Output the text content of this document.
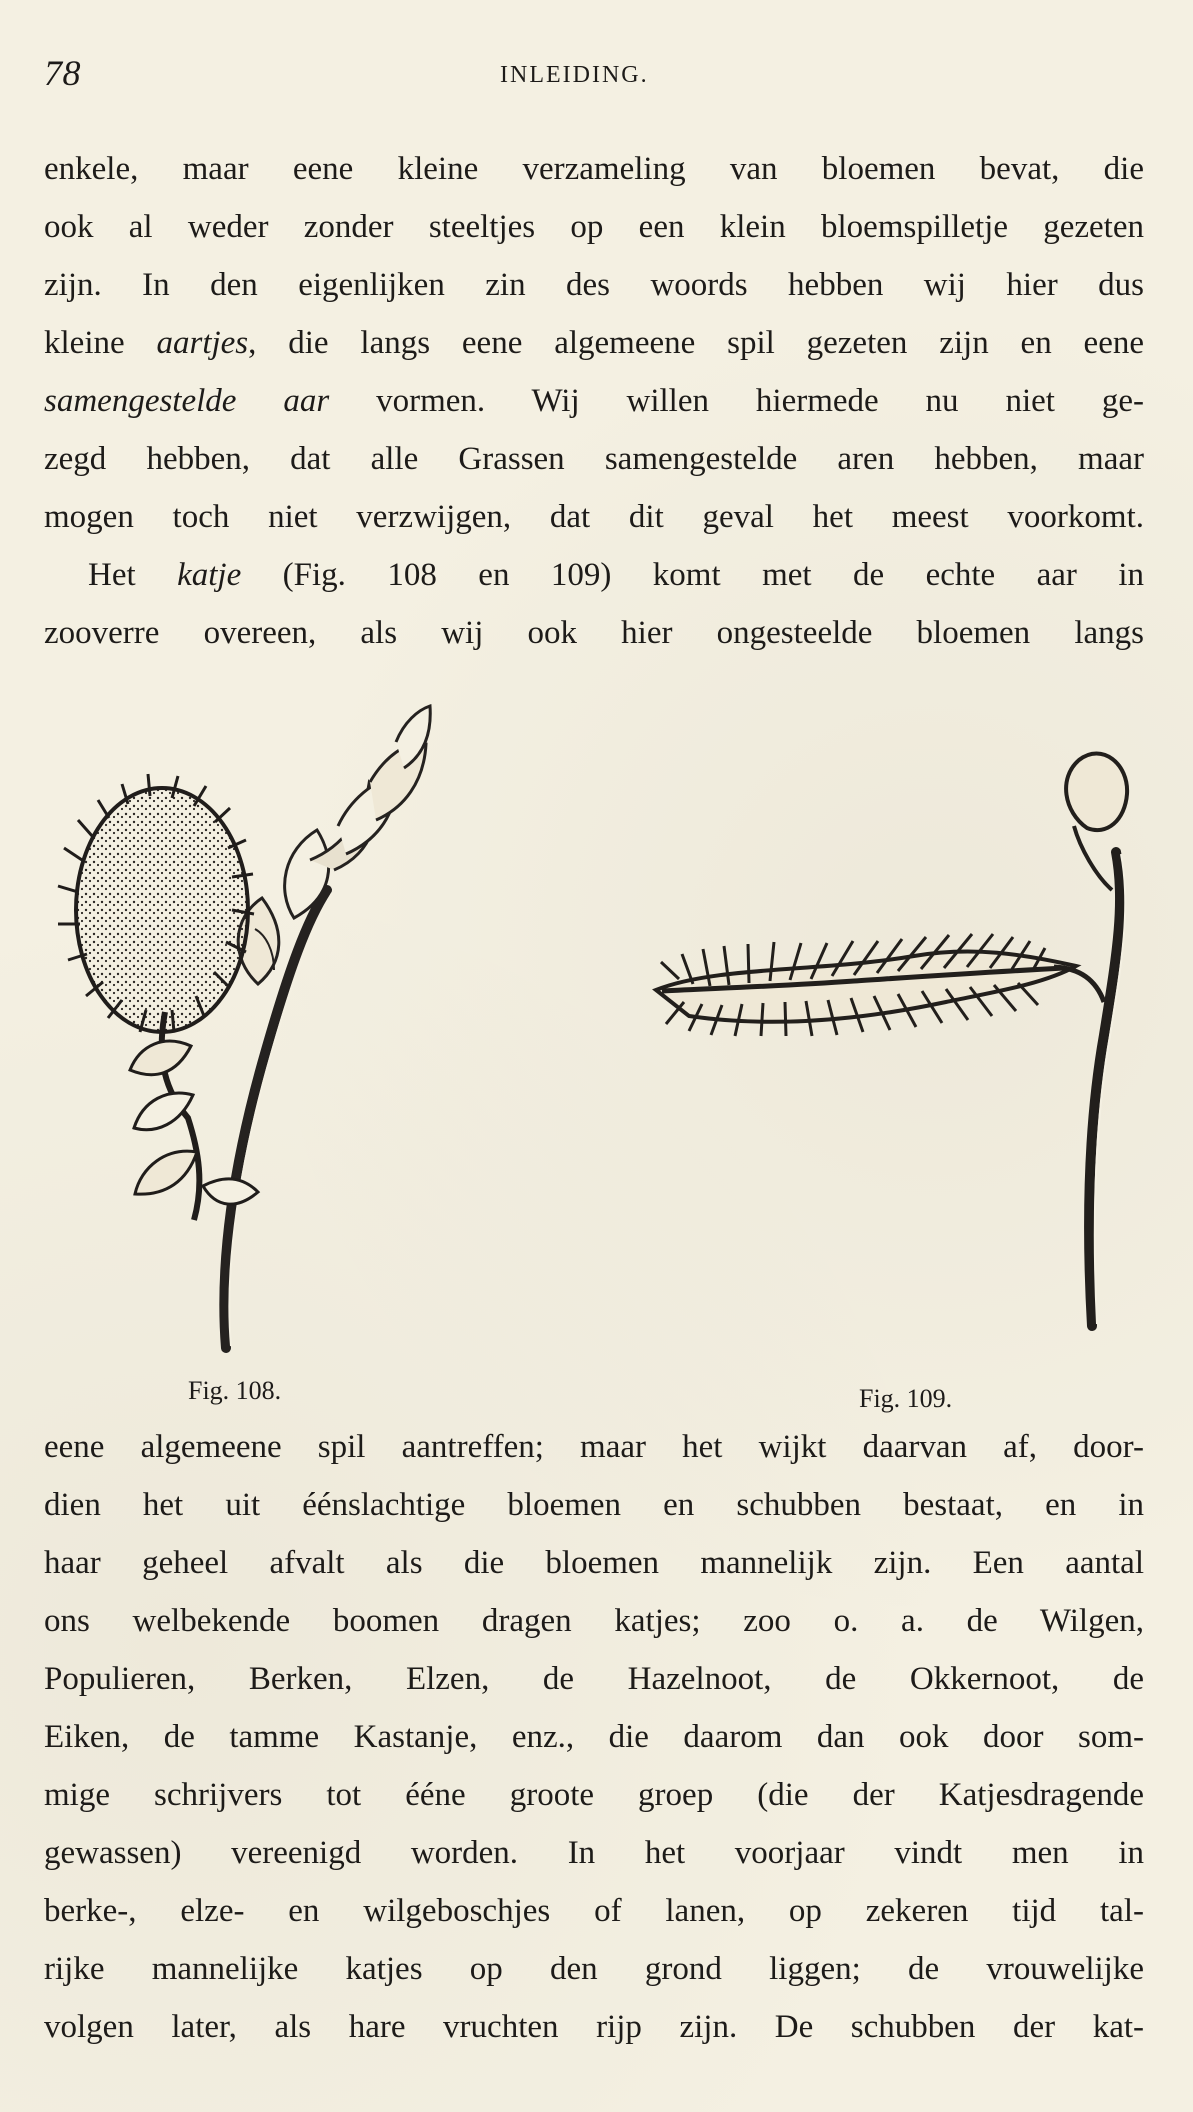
78	INLEIDING.
enkele, maar eene kleine verzameling van bloemen bevat, die
ook al weder zonder steeltjes op een klein bloemspilletje gezeten
zijn. In den eigenlijken zin des woords hebben wij hier dus
kleine aartjes, die langs eene algemeene spil gezeten zijn en eene
samengestelde aar vormen. Wij willen hiermede nu niet ge-
zegd hebben, dat alle Grassen samengestelde aren hebben, maar
mogen toch niet verzwijgen, dat dit geval het meest voorkomt.
Het katje (Fig. 108 en 109) komt met de echte aar in
zooverre overeen, als wij ook hier ongesteelde bloemen langs
Fig. 108.	Fig. 109.
eene algemeene spil aantreffen; maar het wijkt daarvan af, door-
dien het uit éénslachtige bloemen en schubben bestaat, en in
haar geheel afvalt als die bloemen mannelijk zijn. Een aantal
ons welbekende boomen dragen katjes; zoo o. a. de Wilgen,
Populieren, Berken, Elzen, de Hazelnoot, de Okkernoot, de
Eiken, de tamme Kastanje, enz., die daarom dan ook door som-
mige schrijvers tot éénе groote groep (die der Katjesdragende
gewassen) vereenigd worden. In het voorjaar vindt men in
berke-, elze- en wilgeboschjes of lanen, op zekeren tijd tal-
rijke mannelijke katjes op den grond liggen; de vrouwelijke
volgen later, als hare vruchten rijp zijn. De schubben der kat-
